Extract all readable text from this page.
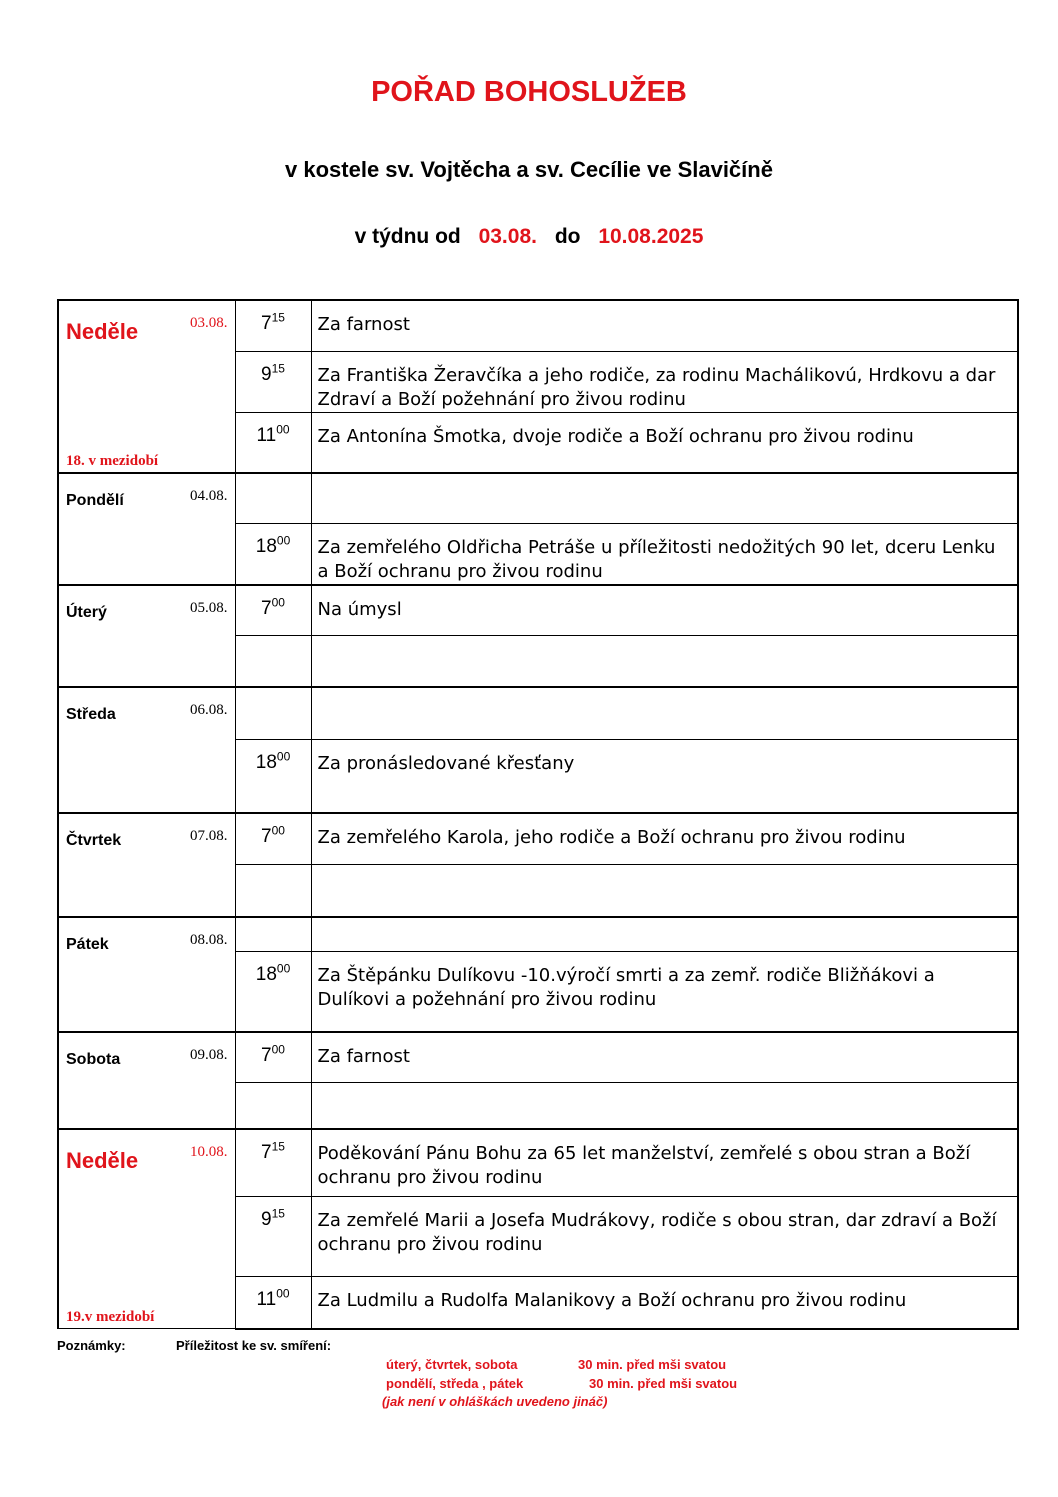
POŘAD BOHOSLUŽEB
v kostele sv. Vojtěcha a sv. Cecílie ve Slavičíně
v týdnu od 03.08. do 10.08.2025
Neděle 03.08.
18. v mezidobí	$7^{15}$	Za farnost
	$9^{15}$	Za Františka Žeravčíka a jeho rodiče, za rodinu Machálikovú, Hrdkovu a dar Zdraví a Boží požehnání pro živou rodinu
	$11^{00}$	Za Antonína Šmotka, dvoje rodiče a Boží ochranu pro živou rodinu

Pondělí 04.08.		

	$18^{00}$	Za zemřelého Oldřicha Petráše u příležitosti nedožitých 90 let, dceru Lenku a Boží ochranu pro živou rodinu

Úterý 05.08.	$7^{00}$	Na úmysl

Středa 06.08.		

	$18^{00}$	Za pronásledované křesťany

Čtvrtek 07.08.	$7^{00}$	Za zemřelého Karola, jeho rodiče a Boží ochranu pro živou rodinu

Pátek 08.08.		

	$18^{00}$	Za Štěpánku Dulíkovu -10.výročí smrti a za zemř. rodiče Bližňákovi a Dulíkovi a požehnání pro živou rodinu

Sobota 09.08.	$7^{00}$	Za farnost

Neděle 10.08.
19.v mezidobí	$7^{15}$	Poděkování Pánu Bohu za 65 let manželství, zemřelé s obou stran a Boží ochranu pro živou rodinu
	$9^{15}$	Za zemřelé Marii a Josefa Mudrákovy, rodiče s obou stran, dar zdraví a Boží ochranu pro živou rodinu
	$11^{00}$	Za Ludmilu a Rudolfa Malanikovy a Boží ochranu pro živou rodinu
Poznámky:	Příležitost ke sv. smíření:
úterý, čtvrtek, sobota	30 min. před mši svatou
pondělí, středa , pátek	30 min. před mši svatou
(jak není v ohláškách uvedeno jináč)
